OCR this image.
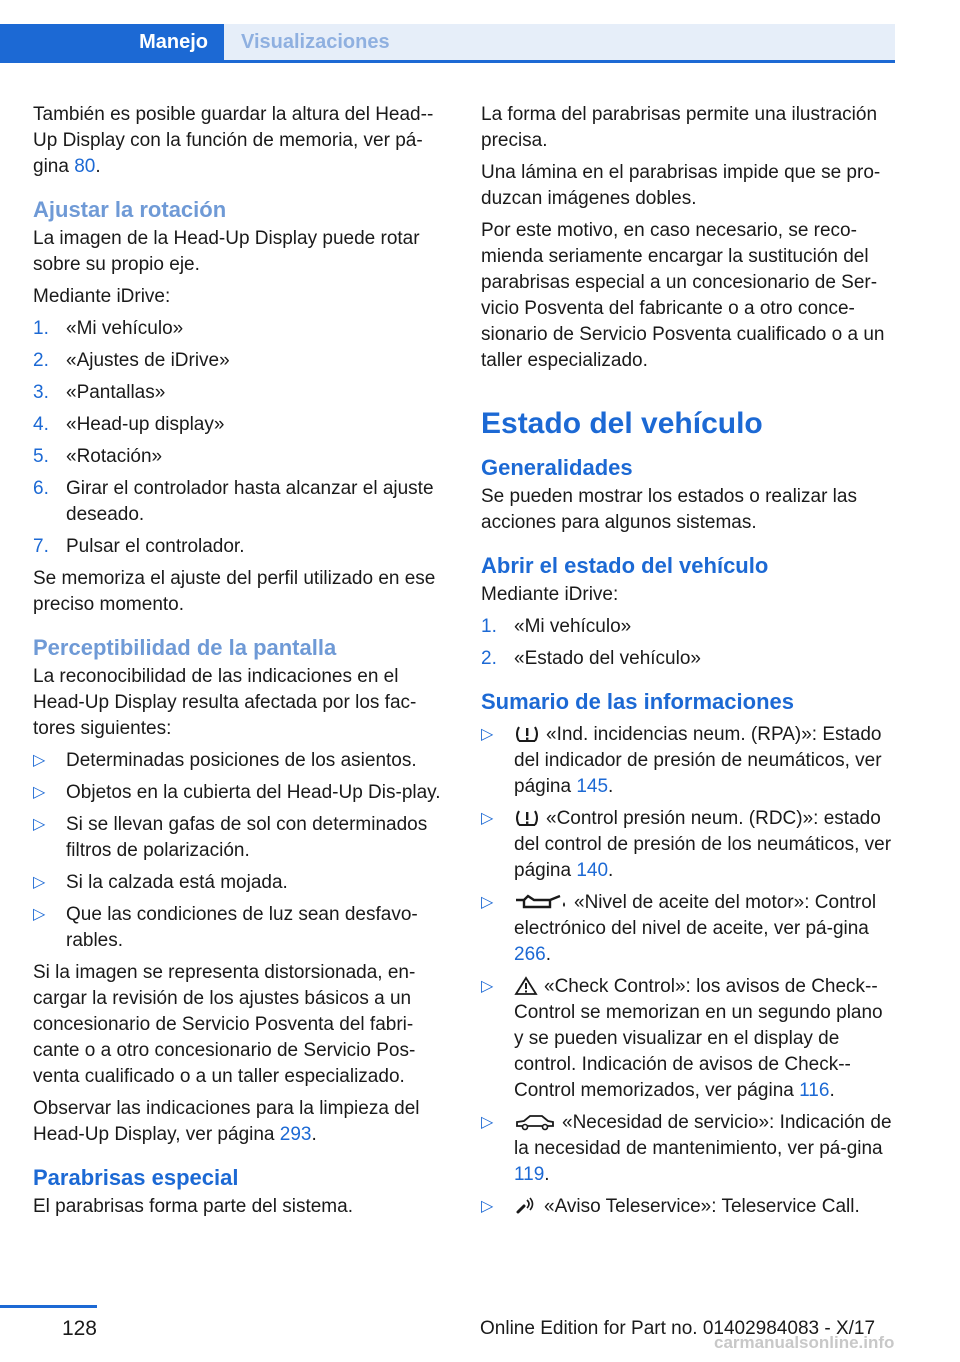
Manejo	Visualizaciones

También es posible guardar la altura del Head--Up Display con la función de memoria, ver pá-gina 80.

Ajustar la rotación

La imagen de la Head-Up Display puede rotar sobre su propio eje.

Mediante iDrive:

1. «Mi vehículo»
2. «Ajustes de iDrive»
3. «Pantallas»
4. «Head-up display»
5. «Rotación»
6. Girar el controlador hasta alcanzar el ajuste deseado.
7. Pulsar el controlador.

Se memoriza el ajuste del perfil utilizado en ese preciso momento.

Perceptibilidad de la pantalla

La reconocibilidad de las indicaciones en el Head-Up Display resulta afectada por los fac-tores siguientes:

▷ Determinadas posiciones de los asientos.
▷ Objetos en la cubierta del Head-Up Dis-play.
▷ Si se llevan gafas de sol con determinados filtros de polarización.
▷ Si la calzada está mojada.
▷ Que las condiciones de luz sean desfavo-rables.

Si la imagen se representa distorsionada, en-cargar la revisión de los ajustes básicos a un concesionario de Servicio Posventa del fabri-cante o a otro concesionario de Servicio Pos-venta cualificado o a un taller especializado.

Observar las indicaciones para la limpieza del Head-Up Display, ver página 293.

Parabrisas especial

El parabrisas forma parte del sistema.

La forma del parabrisas permite una ilustración precisa.

Una lámina en el parabrisas impide que se pro-duzcan imágenes dobles.

Por este motivo, en caso necesario, se reco-mienda seriamente encargar la sustitución del parabrisas especial a un concesionario de Ser-vicio Posventa del fabricante o a otro conce-sionario de Servicio Posventa cualificado o a un taller especializado.

Estado del vehículo
Generalidades

Se pueden mostrar los estados o realizar las acciones para algunos sistemas.

Abrir el estado del vehículo

Mediante iDrive:

1. «Mi vehículo»
2. «Estado del vehículo»
Sumario de las informaciones
▷	«Ind. incidencias neum. (RPA)»: Estado del indicador de presión de neumáticos, ver página 145.
▷	«Control presión neum. (RDC)»: estado del control de presión de los neumáticos, ver página 140.
▷	«Nivel de aceite del motor»: Control electrónico del nivel de aceite, ver pá-gina 266.
▷	«Check Control»: los avisos de Check--Control se memorizan en un segundo plano y se pueden visualizar en el display de control. Indicación de avisos de Check--Control memorizados, ver página 116.
▷	«Necesidad de servicio»: Indicación de la necesidad de mantenimiento, ver pá-gina 119.
▷	«Aviso Teleservice»: Teleservice Call.
128	Online Edition for Part no. 01402984083 - X/17
carmanualsonline.info
